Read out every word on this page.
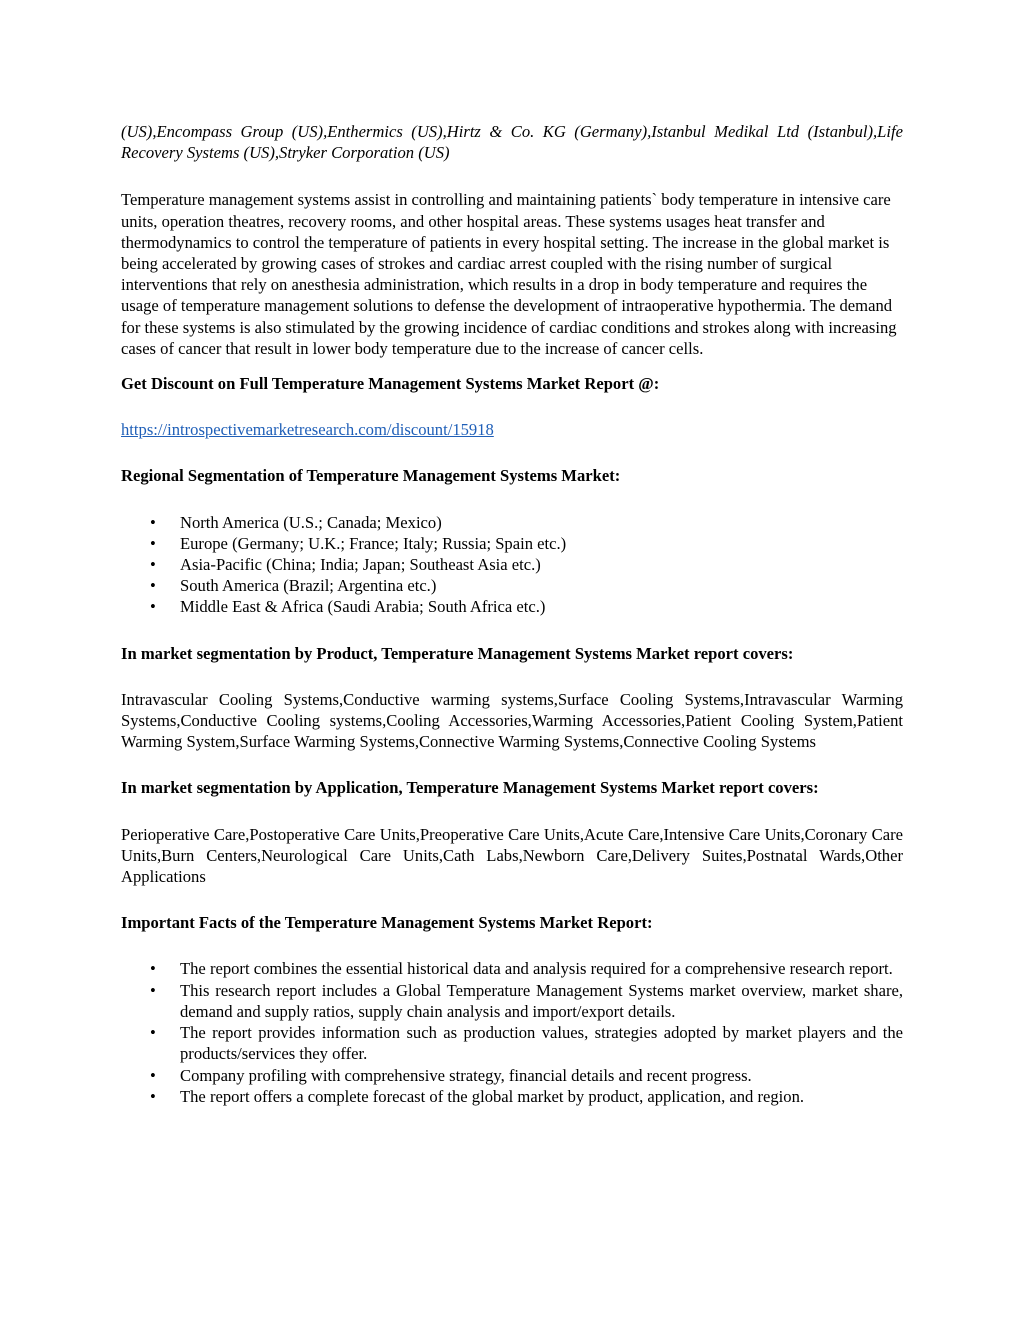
(US),Encompass Group (US),Enthermics (US),Hirtz & Co. KG (Germany),Istanbul Medikal Ltd (Istanbul),Life Recovery Systems (US),Stryker Corporation (US)

Temperature management systems assist in controlling and maintaining patients` body temperature in intensive care units, operation theatres, recovery rooms, and other hospital areas. These systems usages heat transfer and thermodynamics to control the temperature of patients in every hospital setting. The increase in the global market is being accelerated by growing cases of strokes and cardiac arrest coupled with the rising number of surgical interventions that rely on anesthesia administration, which results in a drop in body temperature and requires the usage of temperature management solutions to defense the development of intraoperative hypothermia. The demand for these systems is also stimulated by the growing incidence of cardiac conditions and strokes along with increasing cases of cancer that result in lower body temperature due to the increase of cancer cells.

Get Discount on Full Temperature Management Systems Market Report @:

https://introspectivemarketresearch.com/discount/15918

Regional Segmentation of Temperature Management Systems Market:

• North America (U.S.; Canada; Mexico)
• Europe (Germany; U.K.; France; Italy; Russia; Spain etc.)
• Asia-Pacific (China; India; Japan; Southeast Asia etc.)
• South America (Brazil; Argentina etc.)
• Middle East & Africa (Saudi Arabia; South Africa etc.)

In market segmentation by Product, Temperature Management Systems Market report covers:

Intravascular Cooling Systems,Conductive warming systems,Surface Cooling Systems,Intravascular Warming Systems,Conductive Cooling systems,Cooling Accessories,Warming Accessories,Patient Cooling System,Patient Warming System,Surface Warming Systems,Connective Warming Systems,Connective Cooling Systems

In market segmentation by Application, Temperature Management Systems Market report covers:

Perioperative Care,Postoperative Care Units,Preoperative Care Units,Acute Care,Intensive Care Units,Coronary Care Units,Burn Centers,Neurological Care Units,Cath Labs,Newborn Care,Delivery Suites,Postnatal Wards,Other Applications

Important Facts of the Temperature Management Systems Market Report:

• The report combines the essential historical data and analysis required for a comprehensive research report.
• This research report includes a Global Temperature Management Systems market overview, market share, demand and supply ratios, supply chain analysis and import/export details.
• The report provides information such as production values, strategies adopted by market players and the products/services they offer.
• Company profiling with comprehensive strategy, financial details and recent progress.
• The report offers a complete forecast of the global market by product, application, and region.
